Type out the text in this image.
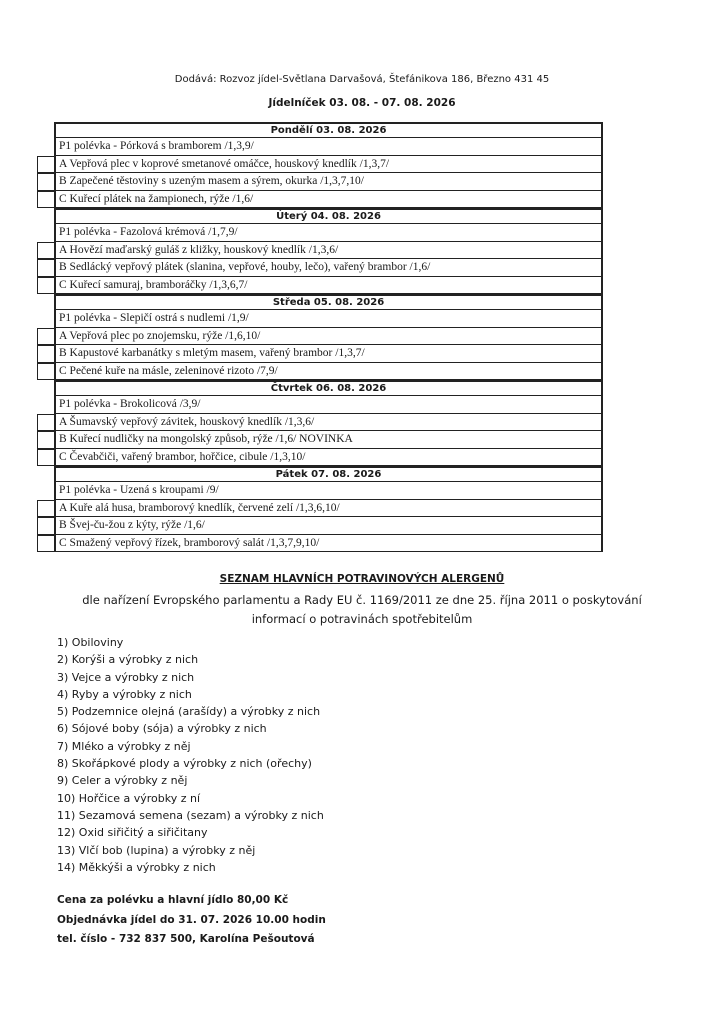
Dodává: Rozvoz jídel-Světlana Darvašová, Štefánikova 186, Březno 431 45
Jídelníček 03. 08. - 07. 08. 2026
Pondělí 03. 08. 2026
P1 polévka - Pórková s bramborem /1,3,9/
A Vepřová plec v koprové smetanové omáčce, houskový knedlík /1,3,7/
B Zapečené těstoviny s uzeným masem a sýrem, okurka /1,3,7,10/
C Kuřecí plátek na žampionech, rýže /1,6/
Úterý 04. 08. 2026
P1 polévka - Fazolová krémová /1,7,9/
A Hovězí maďarský guláš z kližky, houskový knedlík /1,3,6/
B Sedlácký vepřový plátek (slanina, vepřové, houby, lečo), vařený brambor /1,6/
C Kuřecí samuraj, bramboráčky /1,3,6,7/
Středa 05. 08. 2026
P1 polévka - Slepičí ostrá s nudlemi /1,9/
A Vepřová plec po znojemsku, rýže /1,6,10/
B Kapustové karbanátky s mletým masem, vařený brambor /1,3,7/
C Pečené kuře na másle, zeleninové rizoto /7,9/
Čtvrtek 06. 08. 2026
P1 polévka - Brokolicová /3,9/
A Šumavský vepřový závitek, houskový knedlík /1,3,6/
B Kuřecí nudličky na mongolský způsob, rýže /1,6/ NOVINKA
C Čevabčiči, vařený brambor, hořčice, cibule /1,3,10/
Pátek 07. 08. 2026
P1 polévka - Uzená s kroupami /9/
A Kuře alá husa, bramborový knedlík, červené zelí /1,3,6,10/
B Švej-ču-žou z kýty, rýže /1,6/
C Smažený vepřový řízek, bramborový salát /1,3,7,9,10/
SEZNAM HLAVNÍCH POTRAVINOVÝCH ALERGENŮ
dle nařízení Evropského parlamentu a Rady EU č. 1169/2011 ze dne 25. října 2011 o poskytování informací o potravinách spotřebitelům
1) Obiloviny
2) Korýši a výrobky z nich
3) Vejce a výrobky z nich
4) Ryby a výrobky z nich
5) Podzemnice olejná (arašídy) a výrobky z nich
6) Sójové boby (sója) a výrobky z nich
7) Mléko a výrobky z něj
8) Skořápkové plody a výrobky z nich (ořechy)
9) Celer a výrobky z něj
10) Hořčice a výrobky z ní
11) Sezamová semena (sezam) a výrobky z nich
12) Oxid siřičitý a siřičitany
13) Vlčí bob (lupina) a výrobky z něj
14) Měkkýši a výrobky z nich
Cena za polévku a hlavní jídlo 80,00 Kč
Objednávka jídel do 31. 07. 2026 10.00 hodin
tel. číslo - 732 837 500, Karolína Pešoutová
